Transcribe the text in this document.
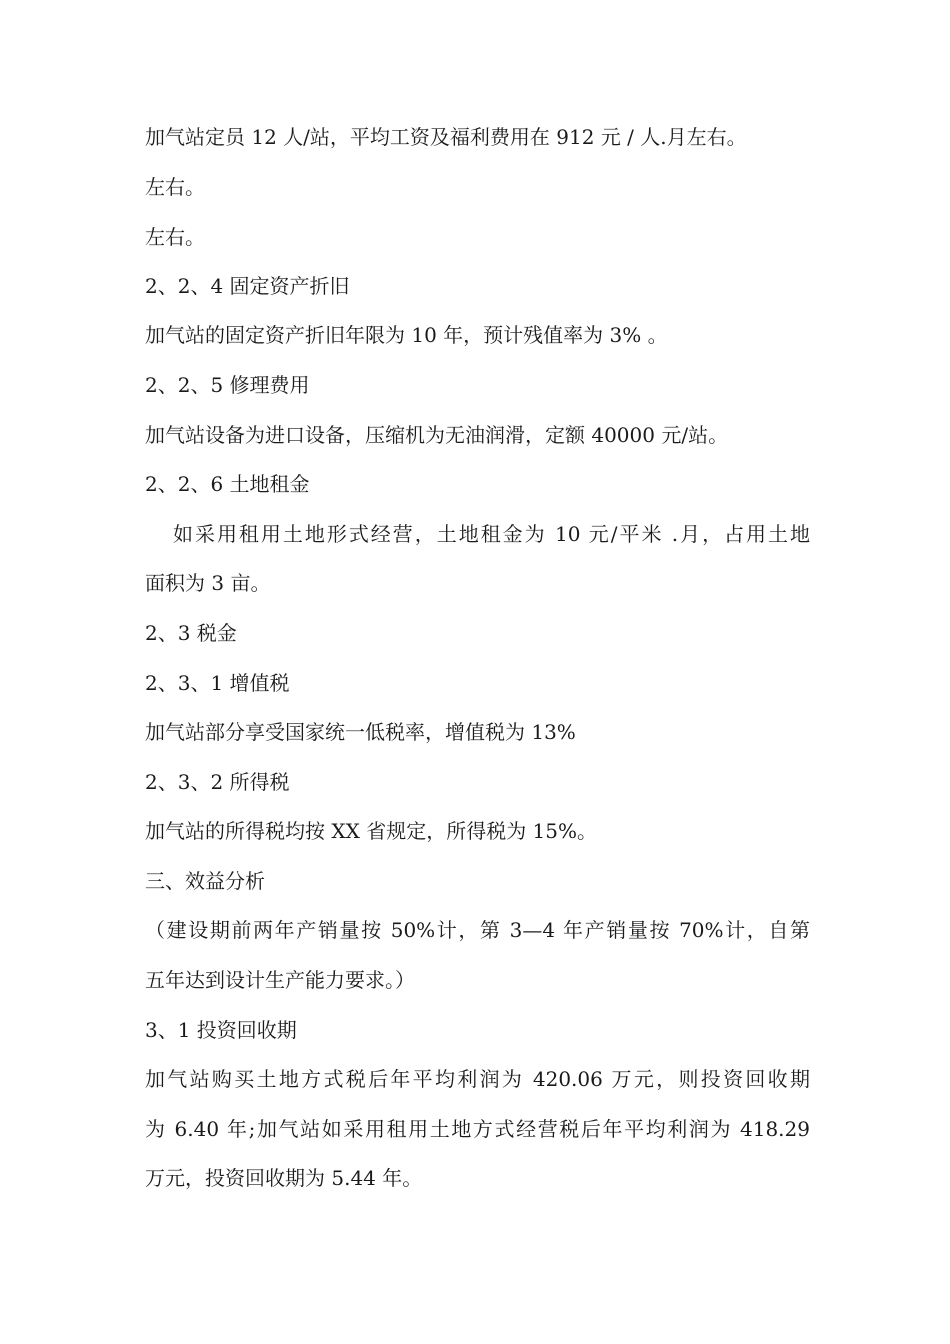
加气站定员 12 人/站，平均工资及福利费用在 912 元 / 人.月左右。
左右。
左右。
2、2、4 固定资产折旧
加气站的固定资产折旧年限为 10 年，预计残值率为 3% 。
2、2、5 修理费用
加气站设备为进口设备，压缩机为无油润滑，定额 40000 元/站。
2、2、6 土地租金
如采用租用土地形式经营，土地租金为 10 元/平米 .月，占用土地
面积为 3 亩。
2、3 税金
2、3、1 增值税
加气站部分享受国家统一低税率，增值税为 13%
2、3、2 所得税
加气站的所得税均按 XX 省规定，所得税为 15%。
三、效益分析
（建设期前两年产销量按 50%计，第 3—4 年产销量按 70%计，自第
五年达到设计生产能力要求。）
3、1 投资回收期
加气站购买土地方式税后年平均利润为 420.06 万元，则投资回收期
为 6.40 年;加气站如采用租用土地方式经营税后年平均利润为 418.29
万元，投资回收期为 5.44 年。
